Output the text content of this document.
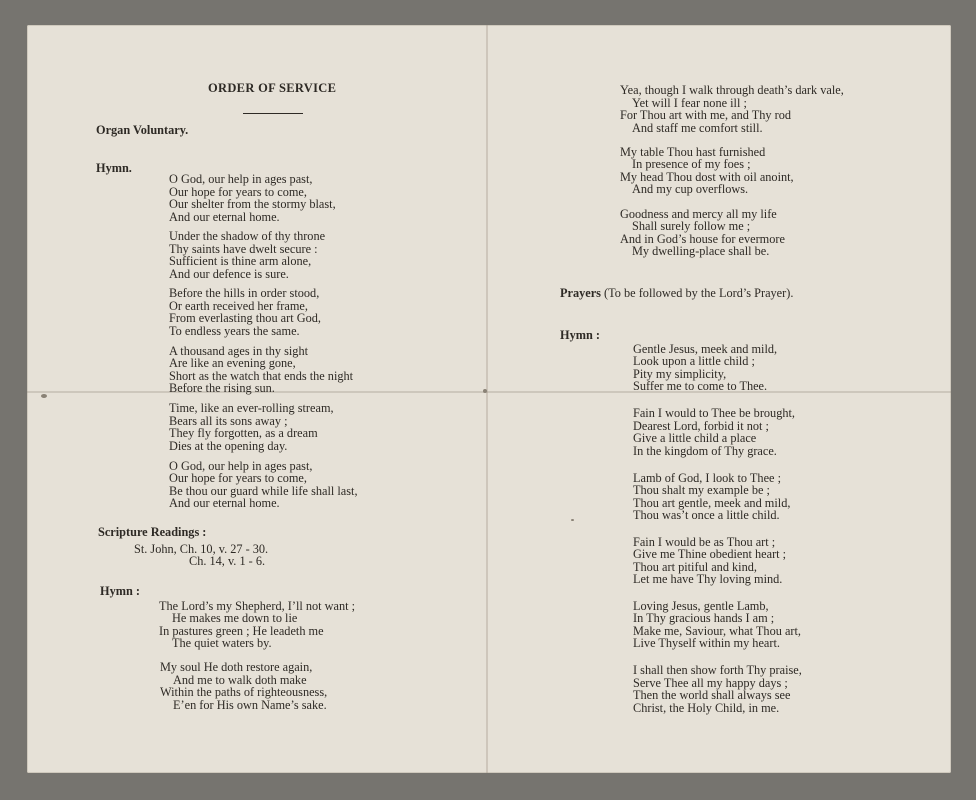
ORDER OF SERVICE
Organ Voluntary.
Hymn.
O God, our help in ages past,
Our hope for years to come,
Our shelter from the stormy blast,
And our eternal home.
Under the shadow of thy throne
Thy saints have dwelt secure :
Sufficient is thine arm alone,
And our defence is sure.
Before the hills in order stood,
Or earth received her frame,
From everlasting thou art God,
To endless years the same.
A thousand ages in thy sight
Are like an evening gone,
Short as the watch that ends the night
Before the rising sun.
Time, like an ever-rolling stream,
Bears all its sons away ;
They fly forgotten, as a dream
Dies at the opening day.
O God, our help in ages past,
Our hope for years to come,
Be thou our guard while life shall last,
And our eternal home.
Scripture Readings :
St. John, Ch. 10, v. 27 - 30.
Ch. 14, v. 1 - 6.
Hymn :
The Lord’s my Shepherd, I’ll not want ;
He makes me down to lie
In pastures green ; He leadeth me
The quiet waters by.
My soul He doth restore again,
And me to walk doth make
Within the paths of righteousness,
E’en for His own Name’s sake.
Yea, though I walk through death’s dark vale,
Yet will I fear none ill ;
For Thou art with me, and Thy rod
And staff me comfort still.
My table Thou hast furnished
In presence of my foes ;
My head Thou dost with oil anoint,
And my cup overflows.
Goodness and mercy all my life
Shall surely follow me ;
And in God’s house for evermore
My dwelling-place shall be.
Prayers (To be followed by the Lord’s Prayer).
Hymn :
Gentle Jesus, meek and mild,
Look upon a little child ;
Pity my simplicity,
Suffer me to come to Thee.
Fain I would to Thee be brought,
Dearest Lord, forbid it not ;
Give a little child a place
In the kingdom of Thy grace.
Lamb of God, I look to Thee ;
Thou shalt my example be ;
Thou art gentle, meek and mild,
Thou was’t once a little child.
Fain I would be as Thou art ;
Give me Thine obedient heart ;
Thou art pitiful and kind,
Let me have Thy loving mind.
Loving Jesus, gentle Lamb,
In Thy gracious hands I am ;
Make me, Saviour, what Thou art,
Live Thyself within my heart.
I shall then show forth Thy praise,
Serve Thee all my happy days ;
Then the world shall always see
Christ, the Holy Child, in me.
